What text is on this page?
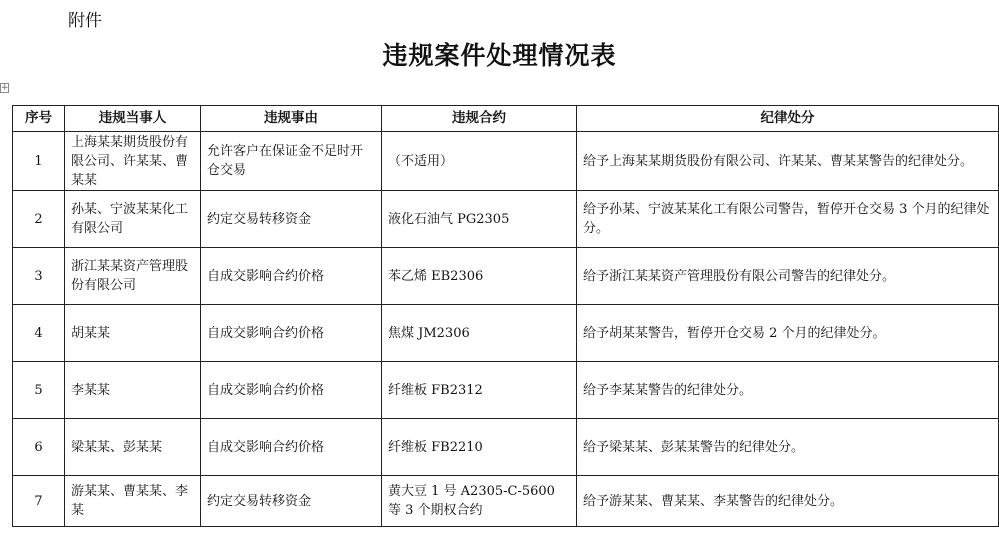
附件
违规案件处理情况表
+
序号	违规当事人	违规事由	违规合约	纪律处分
1	上海某某期货股份有限公司、许某某、曹某某	允许客户在保证金不足时开仓交易	（不适用）	给予上海某某期货股份有限公司、许某某、曹某某警告的纪律处分。
2	孙某、宁波某某化工有限公司	约定交易转移资金	液化石油气 PG2305	给予孙某、宁波某某化工有限公司警告，暂停开仓交易 3 个月的纪律处分。
3	浙江某某资产管理股份有限公司	自成交影响合约价格	苯乙烯 EB2306	给予浙江某某资产管理股份有限公司警告的纪律处分。
4	胡某某	自成交影响合约价格	焦煤 JM2306	给予胡某某警告，暂停开仓交易 2 个月的纪律处分。
5	李某某	自成交影响合约价格	纤维板 FB2312	给予李某某警告的纪律处分。
6	梁某某、彭某某	自成交影响合约价格	纤维板 FB2210	给予梁某某、彭某某警告的纪律处分。
7	游某某、曹某某、李某	约定交易转移资金	黄大豆 1 号 A2305-C-5600 等 3 个期权合约	给予游某某、曹某某、李某警告的纪律处分。
